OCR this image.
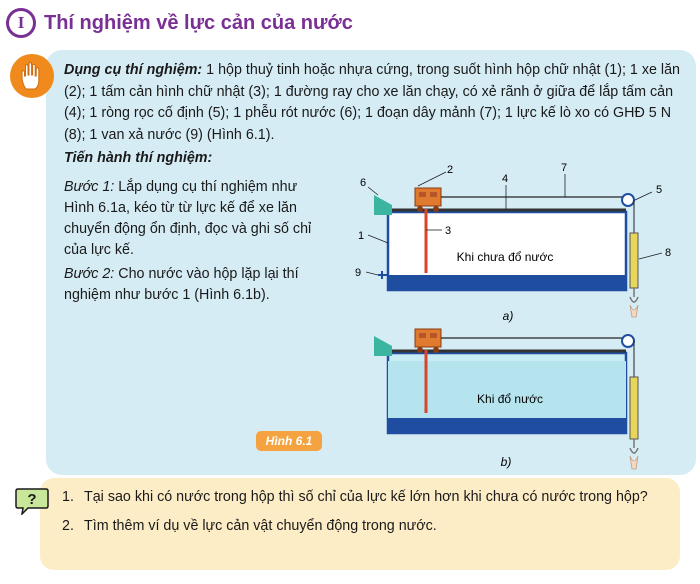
I Thí nghiệm về lực cản của nước
Dụng cụ thí nghiệm: 1 hộp thuỷ tinh hoặc nhựa cứng, trong suốt hình hộp chữ nhật (1); 1 xe lăn (2); 1 tấm cản hình chữ nhật (3); 1 đường ray cho xe lăn chạy, có xẻ rãnh ở giữa để lắp tấm cản (4); 1 ròng rọc cố định (5); 1 phễu rót nước (6); 1 đoạn dây mảnh (7); 1 lực kế lò xo có GHĐ 5 N (8); 1 van xả nước (9) (Hình 6.1).
Tiến hành thí nghiệm:
Bước 1: Lắp dụng cụ thí nghiệm như Hình 6.1a, kéo từ từ lực kế để xe lăn chuyển động ổn định, đọc và ghi số chỉ của lực kế.
Bước 2: Cho nước vào hộp lặp lại thí nghiệm như bước 1 (Hình 6.1b).
Hình 6.1
2
3
4
7
5
8
6
1
9
Khi chưa đổ nước
a)
Khi đổ nước
b)
? 1. Tại sao khi có nước trong hộp thì số chỉ của lực kế lớn hơn khi chưa có nước trong hộp?
2. Tìm thêm ví dụ về lực cản vật chuyển động trong nước.
